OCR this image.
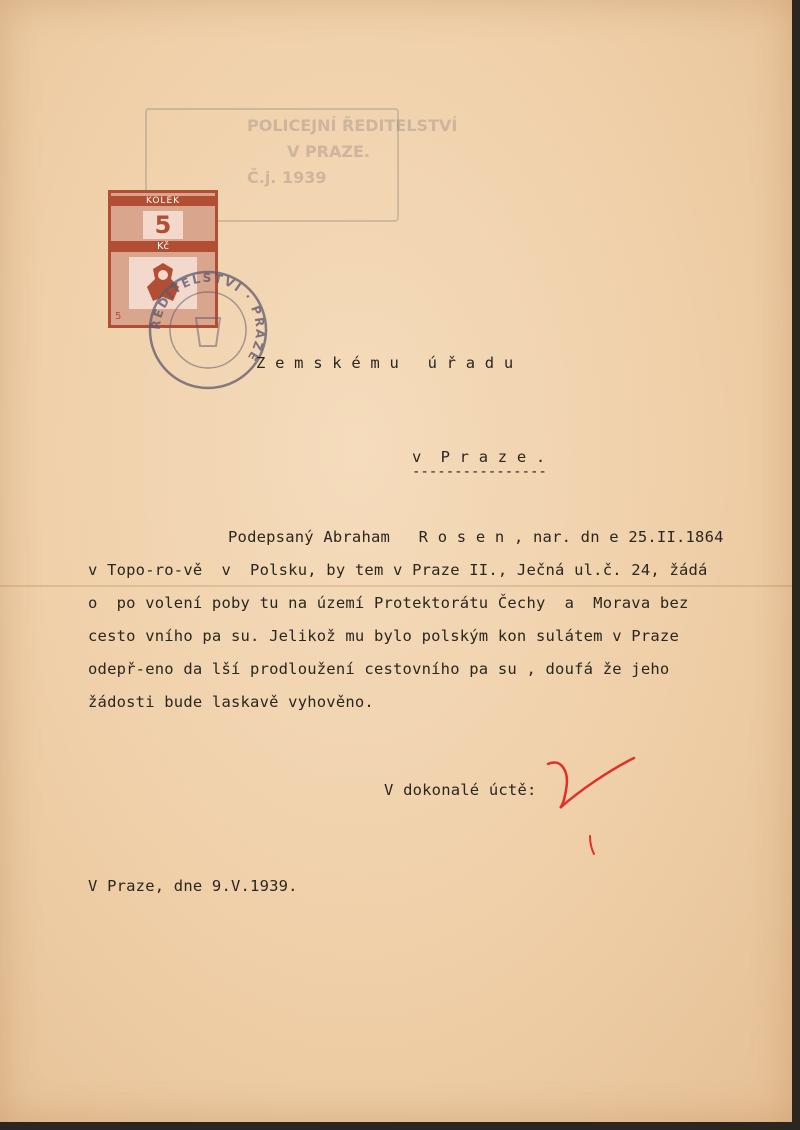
POLICEJNÍ ŘEDITELSTVÍ
V PRAZE.
Č.j. 1939
KOLEK
5
Kč
5
ŘEDITELSTVÍ · PRAZE
Z e m s k é m u   ú ř a d u
v  P r a z e .
----------------
Podepsaný Abraham   R o s e n , nar. dn e 25.II.1864
v Topo-ro-vě  v  Polsku, by tem v Praze II., Ječná ul.č. 24, žádá
o  po volení poby tu na území Protektorátu Čechy  a  Morava bez
cesto vního pa su. Jelikož mu bylo polským kon sulátem v Praze
odepř-eno da lší prodloužení cestovního pa su , doufá že jeho
žádosti bude laskavě vyhověno.
V dokonalé úctě:
V Praze, dne 9.V.1939.
